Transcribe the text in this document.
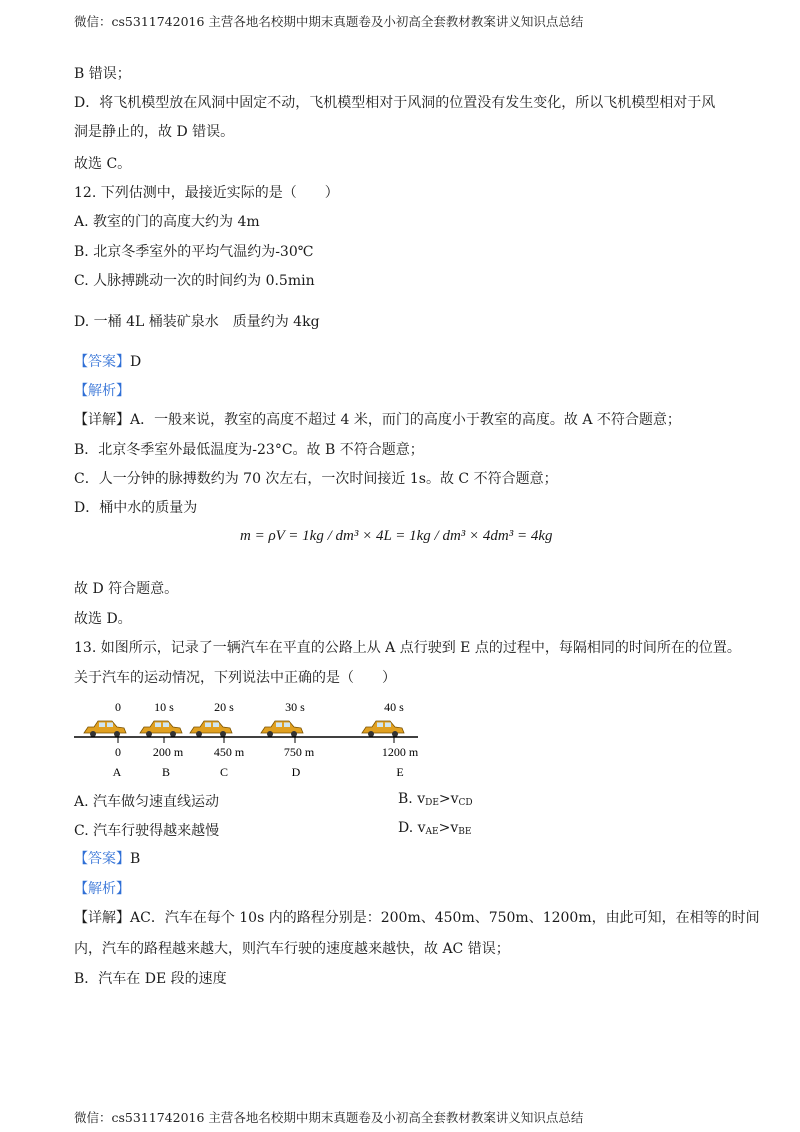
微信：cs5311742016 主营各地名校期中期末真题卷及小初高全套教材教案讲义知识点总结
B 错误；
D．将飞机模型放在风洞中固定不动，飞机模型相对于风洞的位置没有发生变化，所以飞机模型相对于风
洞是静止的，故 D 错误。
故选 C。
12. 下列估测中，最接近实际的是（　　）
A. 教室的门的高度大约为 4m
B. 北京冬季室外的平均气温约为-30℃
C. 人脉搏跳动一次的时间约为 0.5min
D. 一桶 4L 桶装矿泉水　质量约为 4kg
【答案】D
【解析】
【详解】A．一般来说，教室的高度不超过 4 米，而门的高度小于教室的高度。故 A 不符合题意；
B．北京冬季室外最低温度为-23°C。故 B 不符合题意；
C．人一分钟的脉搏数约为 70 次左右，一次时间接近 1s。故 C 不符合题意；
D．桶中水的质量为
m = ρV = 1kg / dm³ × 4L = 1kg / dm³ × 4dm³ = 4kg
故 D 符合题意。
故选 D。
13. 如图所示，记录了一辆汽车在平直的公路上从 A 点行驶到 E 点的过程中，每隔相同的时间所在的位置。
关于汽车的运动情况，下列说法中正确的是（　　）
0	10 s	20 s	30 s	40 s
0	200 m	450 m	750 m	1200 m
A	B	C	D	E
A. 汽车做匀速直线运动	B. $v_{DE}>v_{CD}$
C. 汽车行驶得越来越慢	D. $v_{AE}>v_{BE}$
【答案】B
【解析】
【详解】AC．汽车在每个 10s 内的路程分别是：200m、450m、750m、1200m，由此可知，在相等的时间
内，汽车的路程越来越大，则汽车行驶的速度越来越快，故 AC 错误；
B．汽车在 DE 段的速度
微信：cs5311742016 主营各地名校期中期末真题卷及小初高全套教材教案讲义知识点总结
